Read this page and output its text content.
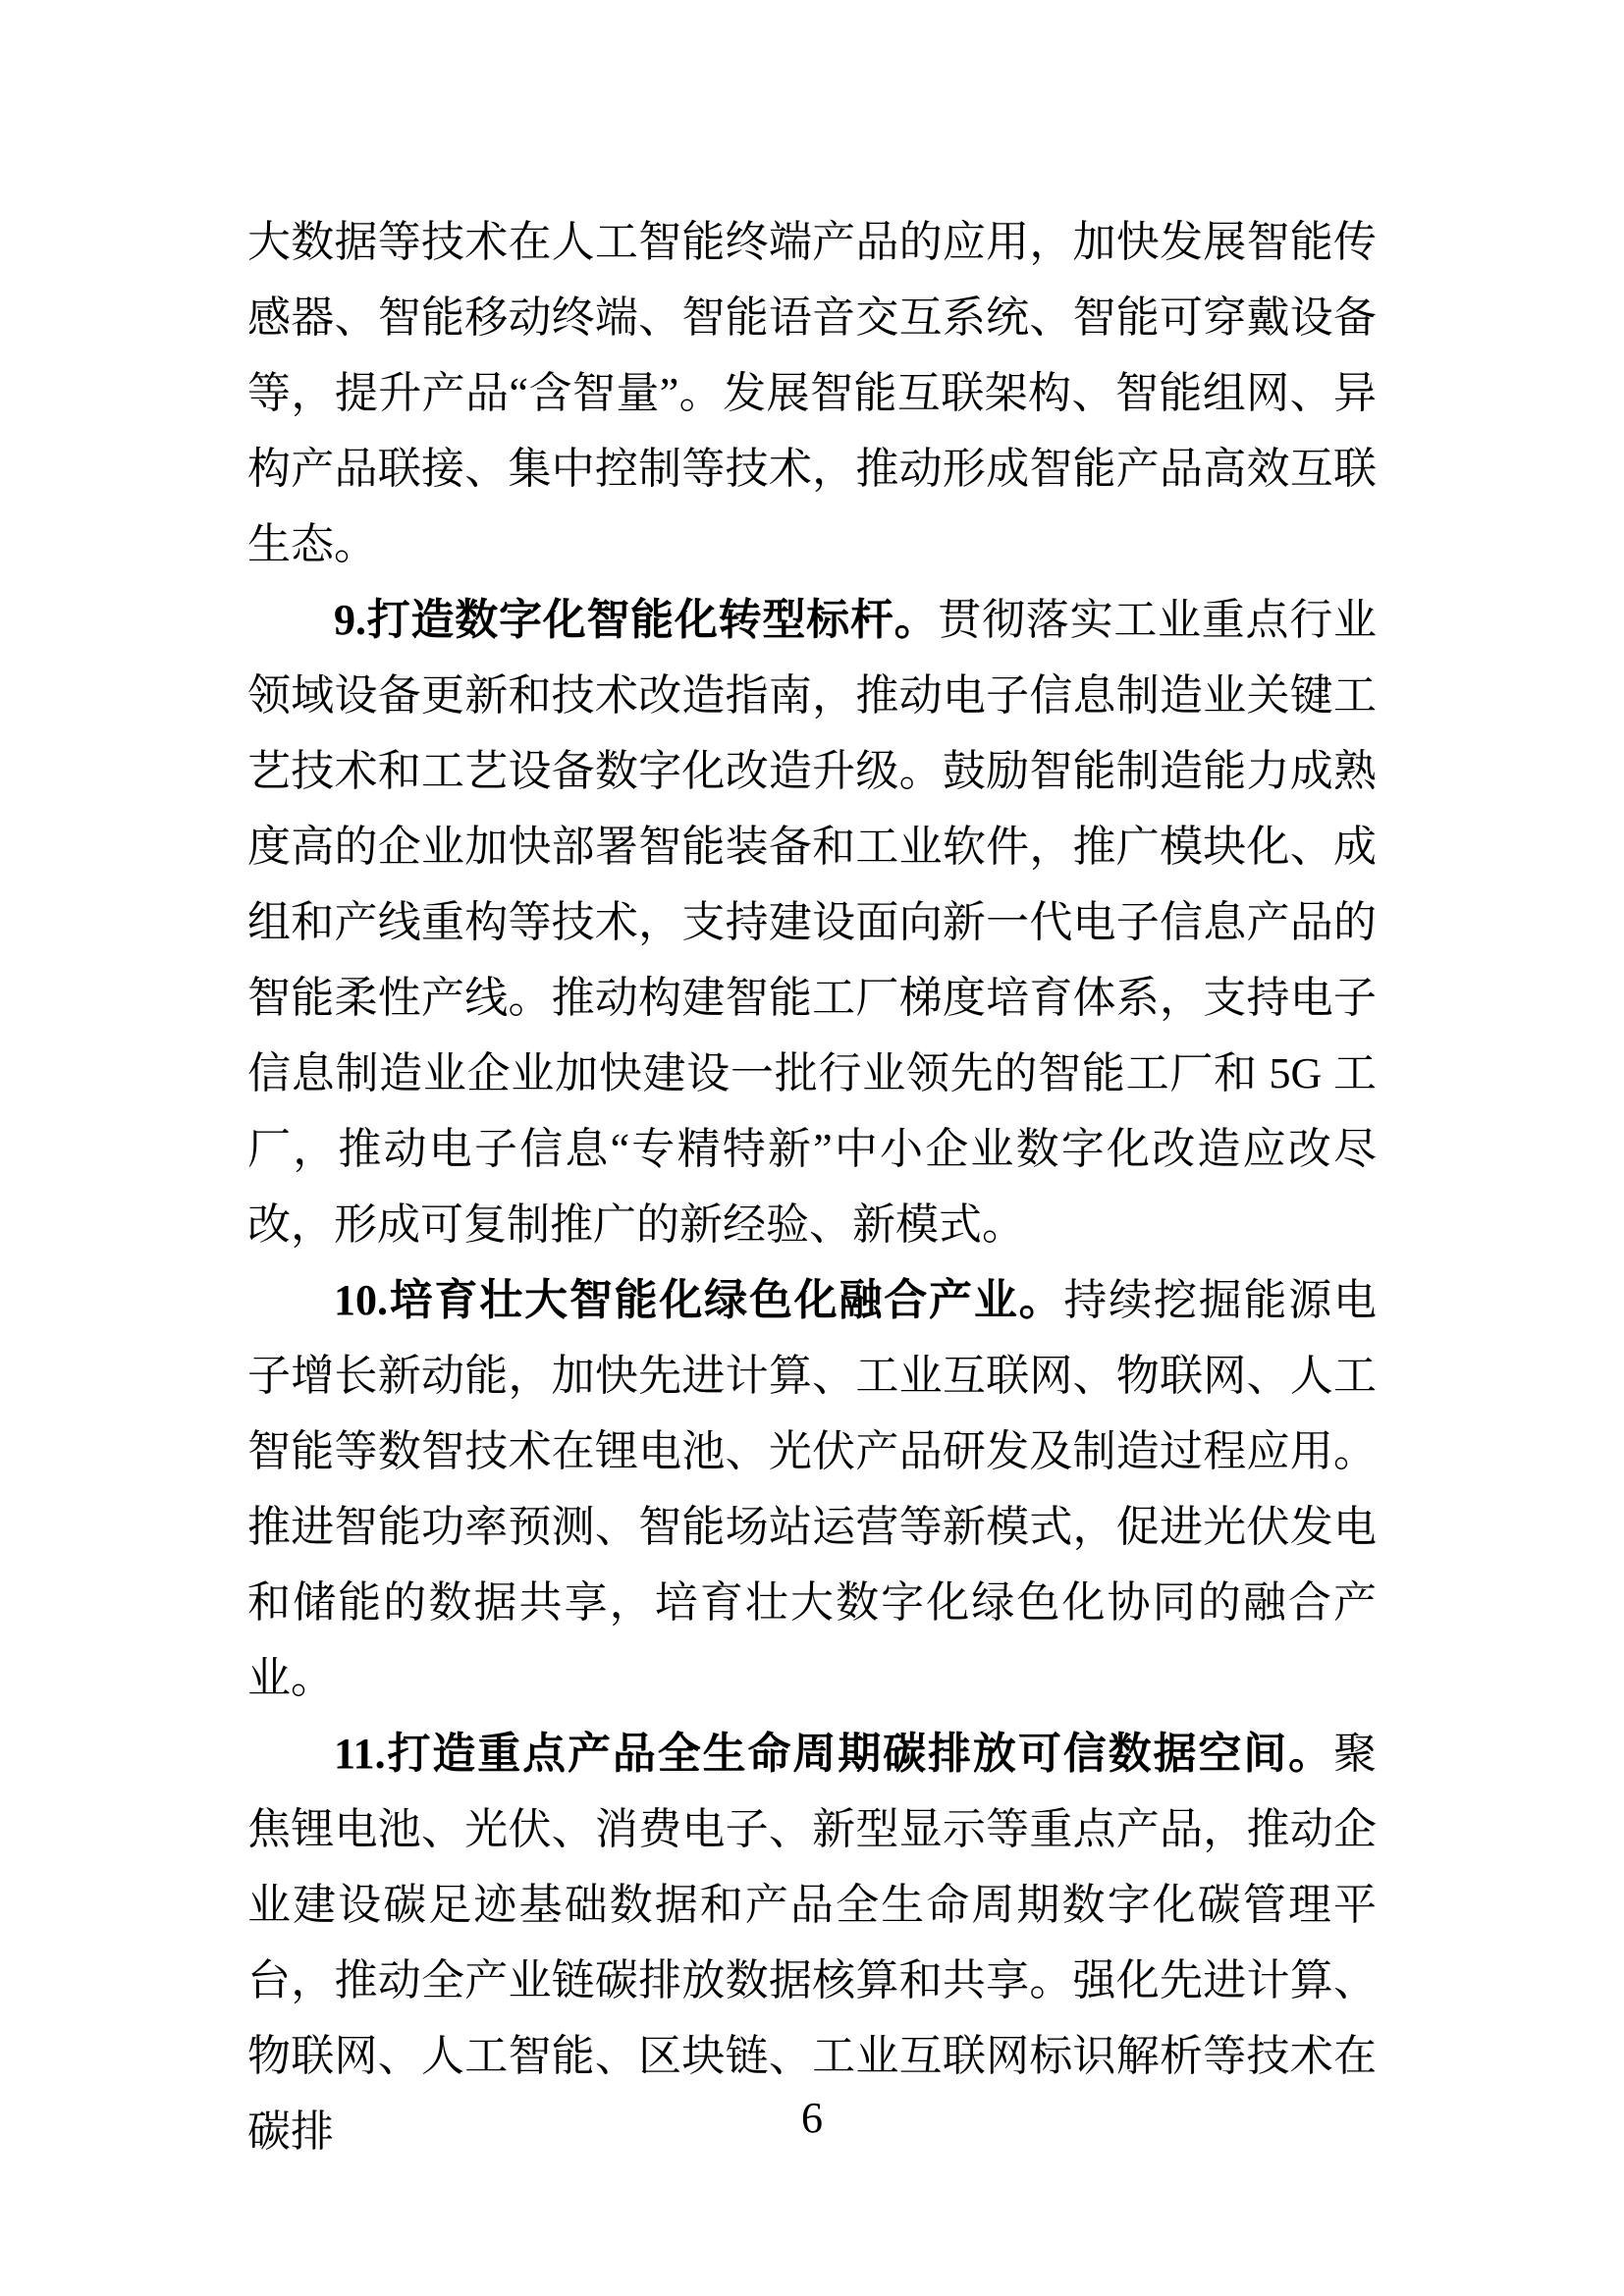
大数据等技术在人工智能终端产品的应用，加快发展智能传感器、智能移动终端、智能语音交互系统、智能可穿戴设备等，提升产品“含智量”。发展智能互联架构、智能组网、异构产品联接、集中控制等技术，推动形成智能产品高效互联生态。

9.打造数字化智能化转型标杆。贯彻落实工业重点行业领域设备更新和技术改造指南，推动电子信息制造业关键工艺技术和工艺设备数字化改造升级。鼓励智能制造能力成熟度高的企业加快部署智能装备和工业软件，推广模块化、成组和产线重构等技术，支持建设面向新一代电子信息产品的智能柔性产线。推动构建智能工厂梯度培育体系，支持电子信息制造业企业加快建设一批行业领先的智能工厂和 5G 工厂，推动电子信息“专精特新”中小企业数字化改造应改尽改，形成可复制推广的新经验、新模式。

10.培育壮大智能化绿色化融合产业。持续挖掘能源电子增长新动能，加快先进计算、工业互联网、物联网、人工智能等数智技术在锂电池、光伏产品研发及制造过程应用。推进智能功率预测、智能场站运营等新模式，促进光伏发电和储能的数据共享，培育壮大数字化绿色化协同的融合产业。

11.打造重点产品全生命周期碳排放可信数据空间。聚焦锂电池、光伏、消费电子、新型显示等重点产品，推动企业建设碳足迹基础数据和产品全生命周期数字化碳管理平台，推动全产业链碳排放数据核算和共享。强化先进计算、物联网、人工智能、区块链、工业互联网标识解析等技术在碳排	6
